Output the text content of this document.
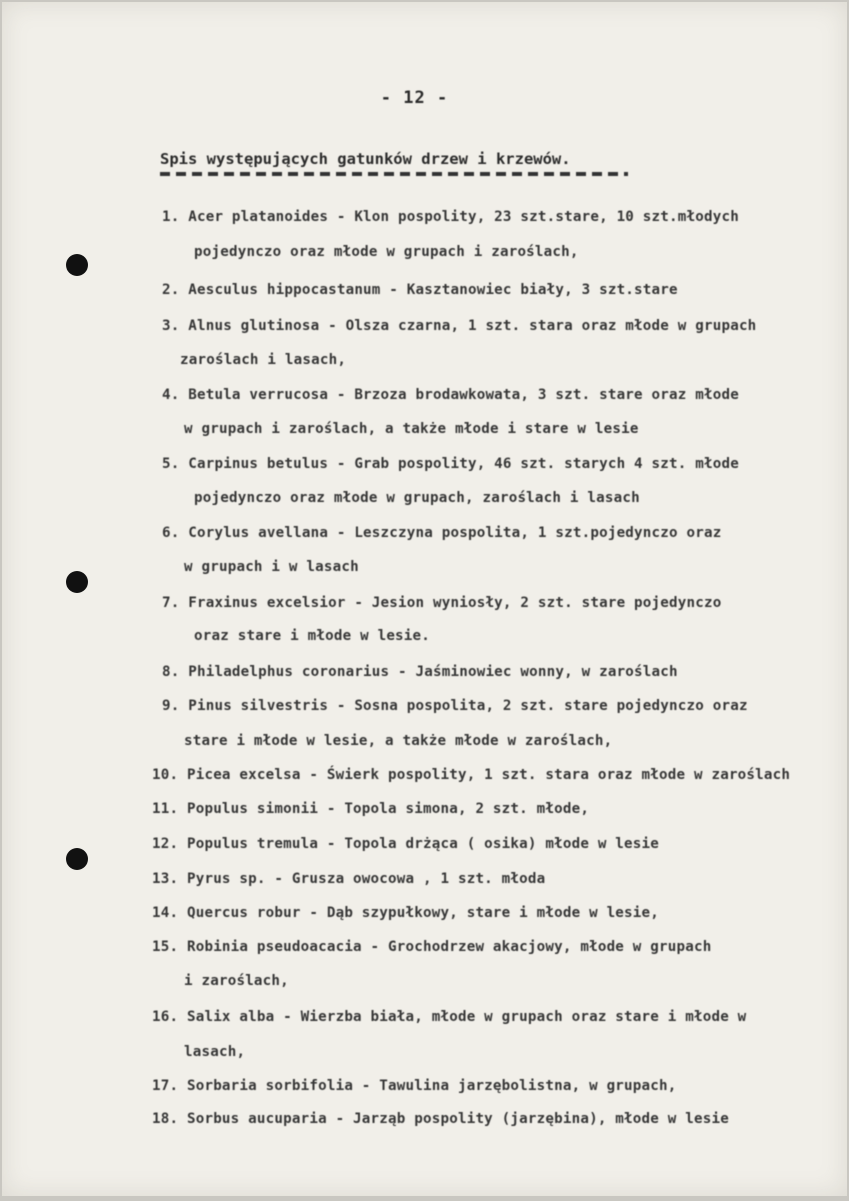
- 12 -
Spis występujących gatunków drzew i krzewów.
1. Acer platanoides - Klon pospolity, 23 szt.stare, 10 szt.młodych
pojedynczo oraz młode w grupach i zaroślach,
2. Aesculus hippocastanum - Kasztanowiec biały, 3 szt.stare
3. Alnus glutinosa - Olsza czarna, 1 szt. stara oraz młode w grupach
zaroślach i lasach,
4. Betula verrucosa - Brzoza brodawkowata, 3 szt. stare oraz młode
w grupach i zaroślach, a także młode i stare w lesie
5. Carpinus betulus - Grab pospolity, 46 szt. starych 4 szt. młode
pojedynczo oraz młode w grupach, zaroślach i lasach
6. Corylus avellana - Leszczyna pospolita, 1 szt.pojedynczo oraz
w grupach i w lasach
7. Fraxinus excelsior - Jesion wyniosły, 2 szt. stare pojedynczo
oraz stare i młode w lesie.
8. Philadelphus coronarius - Jaśminowiec wonny, w zaroślach
9. Pinus silvestris - Sosna pospolita, 2 szt. stare pojedynczo oraz
stare i młode w lesie, a także młode w zaroślach,
10. Picea excelsa - Świerk pospolity, 1 szt. stara oraz młode w zaroślach
11. Populus simonii - Topola simona, 2 szt. młode,
12. Populus tremula - Topola drżąca ( osika) młode w lesie
13. Pyrus sp. - Grusza owocowa , 1 szt. młoda
14. Quercus robur - Dąb szypułkowy, stare i młode w lesie,
15. Robinia pseudoacacia - Grochodrzew akacjowy, młode w grupach
i zaroślach,
16. Salix alba - Wierzba biała, młode w grupach oraz stare i młode w
lasach,
17. Sorbaria sorbifolia - Tawulina jarzębolistna, w grupach,
18. Sorbus aucuparia - Jarząb pospolity (jarzębina), młode w lesie
